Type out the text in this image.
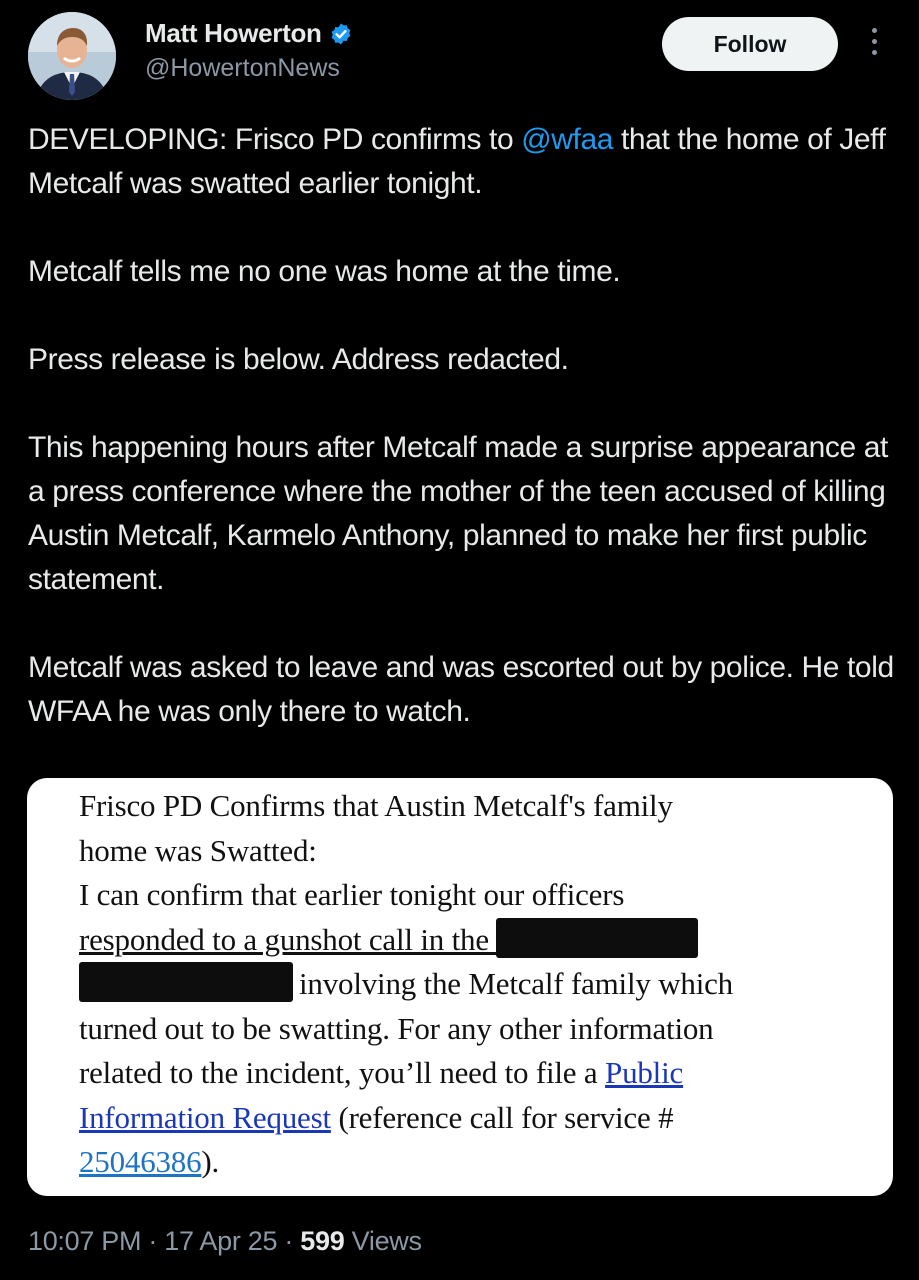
Matt Howerton
@HowertonNews
Follow

DEVELOPING: Frisco PD confirms to @wfaa that the home of Jeff Metcalf was swatted earlier tonight.

Metcalf tells me no one was home at the time.

Press release is below. Address redacted.

This happening hours after Metcalf made a surprise appearance at a press conference where the mother of the teen accused of killing Austin Metcalf, Karmelo Anthony, planned to make her first public statement.

Metcalf was asked to leave and was escorted out by police. He told WFAA he was only there to watch.

Frisco PD Confirms that Austin Metcalf's family
home was Swatted:
I can confirm that earlier tonight our officers
responded to a gunshot call in the
involving the Metcalf family which
turned out to be swatting. For any other information
related to the incident, you’ll need to file a Public
Information Request (reference call for service #
25046386).
10:07 PM · 17 Apr 25 · 599 Views
